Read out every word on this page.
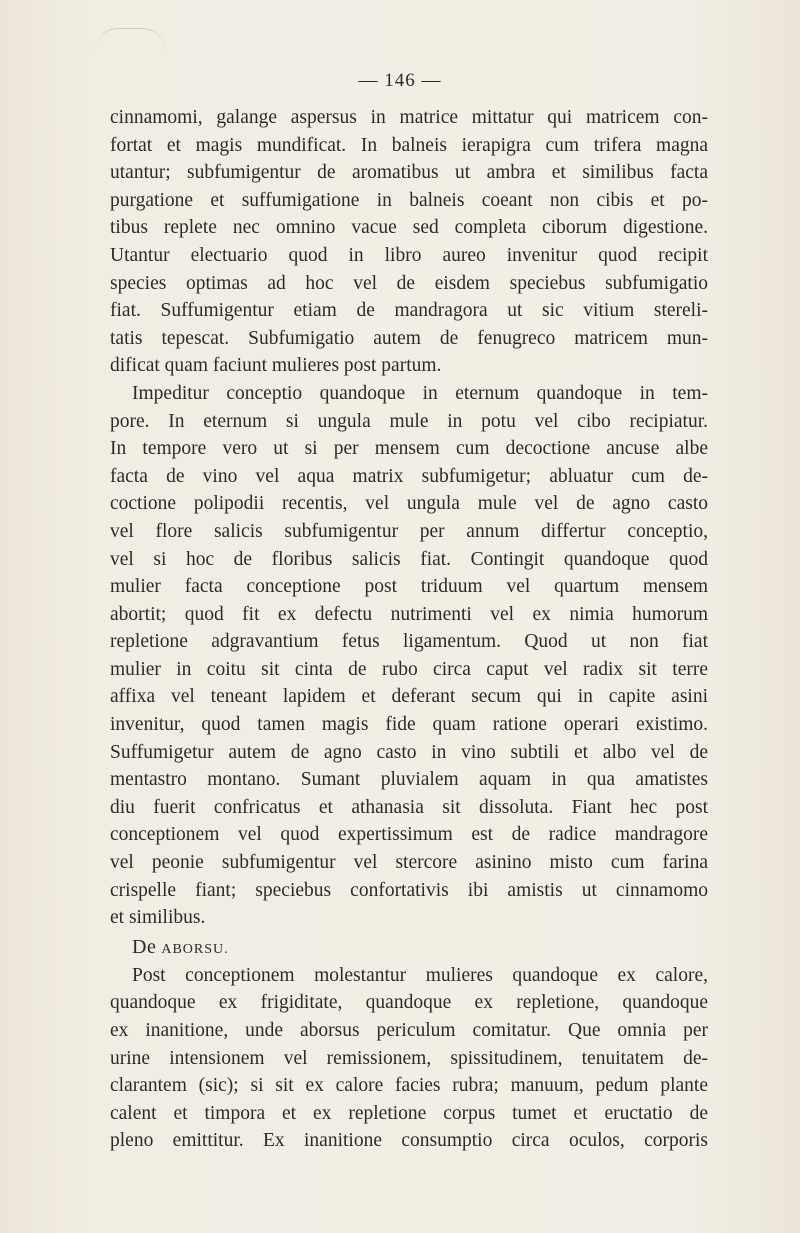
— 146 —
cinnamomi, galange aspersus in matrice mittatur qui matricem con-
fortat et magis mundificat. In balneis ierapigra cum trifera magna
utantur; subfumigentur de aromatibus ut ambra et similibus facta
purgatione et suffumigatione in balneis coeant non cibis et po-
tibus replete nec omnino vacue sed completa ciborum digestione.
Utantur electuario quod in libro aureo invenitur quod recipit
species optimas ad hoc vel de eisdem speciebus subfumigatio
fiat. Suffumigentur etiam de mandragora ut sic vitium stereli-
tatis tepescat. Subfumigatio autem de fenugreco matricem mun-
dificat quam faciunt mulieres post partum.
Impeditur conceptio quandoque in eternum quandoque in tem-
pore. In eternum si ungula mule in potu vel cibo recipiatur.
In tempore vero ut si per mensem cum decoctione ancuse albe
facta de vino vel aqua matrix subfumigetur; abluatur cum de-
coctione polipodii recentis, vel ungula mule vel de agno casto
vel flore salicis subfumigentur per annum differtur conceptio,
vel si hoc de floribus salicis fiat. Contingit quandoque quod
mulier facta conceptione post triduum vel quartum mensem
abortit; quod fit ex defectu nutrimenti vel ex nimia humorum
repletione adgravantium fetus ligamentum. Quod ut non fiat
mulier in coitu sit cinta de rubo circa caput vel radix sit terre
affixa vel teneant lapidem et deferant secum qui in capite asini
invenitur, quod tamen magis fide quam ratione operari existimo.
Suffumigetur autem de agno casto in vino subtili et albo vel de
mentastro montano. Sumant pluvialem aquam in qua amatistes
diu fuerit confricatus et athanasia sit dissoluta. Fiant hec post
conceptionem vel quod expertissimum est de radice mandragore
vel peonie subfumigentur vel stercore asinino misto cum farina
crispelle fiant; speciebus confortativis ibi amistis ut cinnamomo
et similibus.
De ABORSU.
Post conceptionem molestantur mulieres quandoque ex calore,
quandoque ex frigiditate, quandoque ex repletione, quandoque
ex inanitione, unde aborsus periculum comitatur. Que omnia per
urine intensionem vel remissionem, spissitudinem, tenuitatem de-
clarantem (sic); si sit ex calore facies rubra; manuum, pedum plante
calent et timpora et ex repletione corpus tumet et eructatio de
pleno emittitur. Ex inanitione consumptio circa oculos, corporis
